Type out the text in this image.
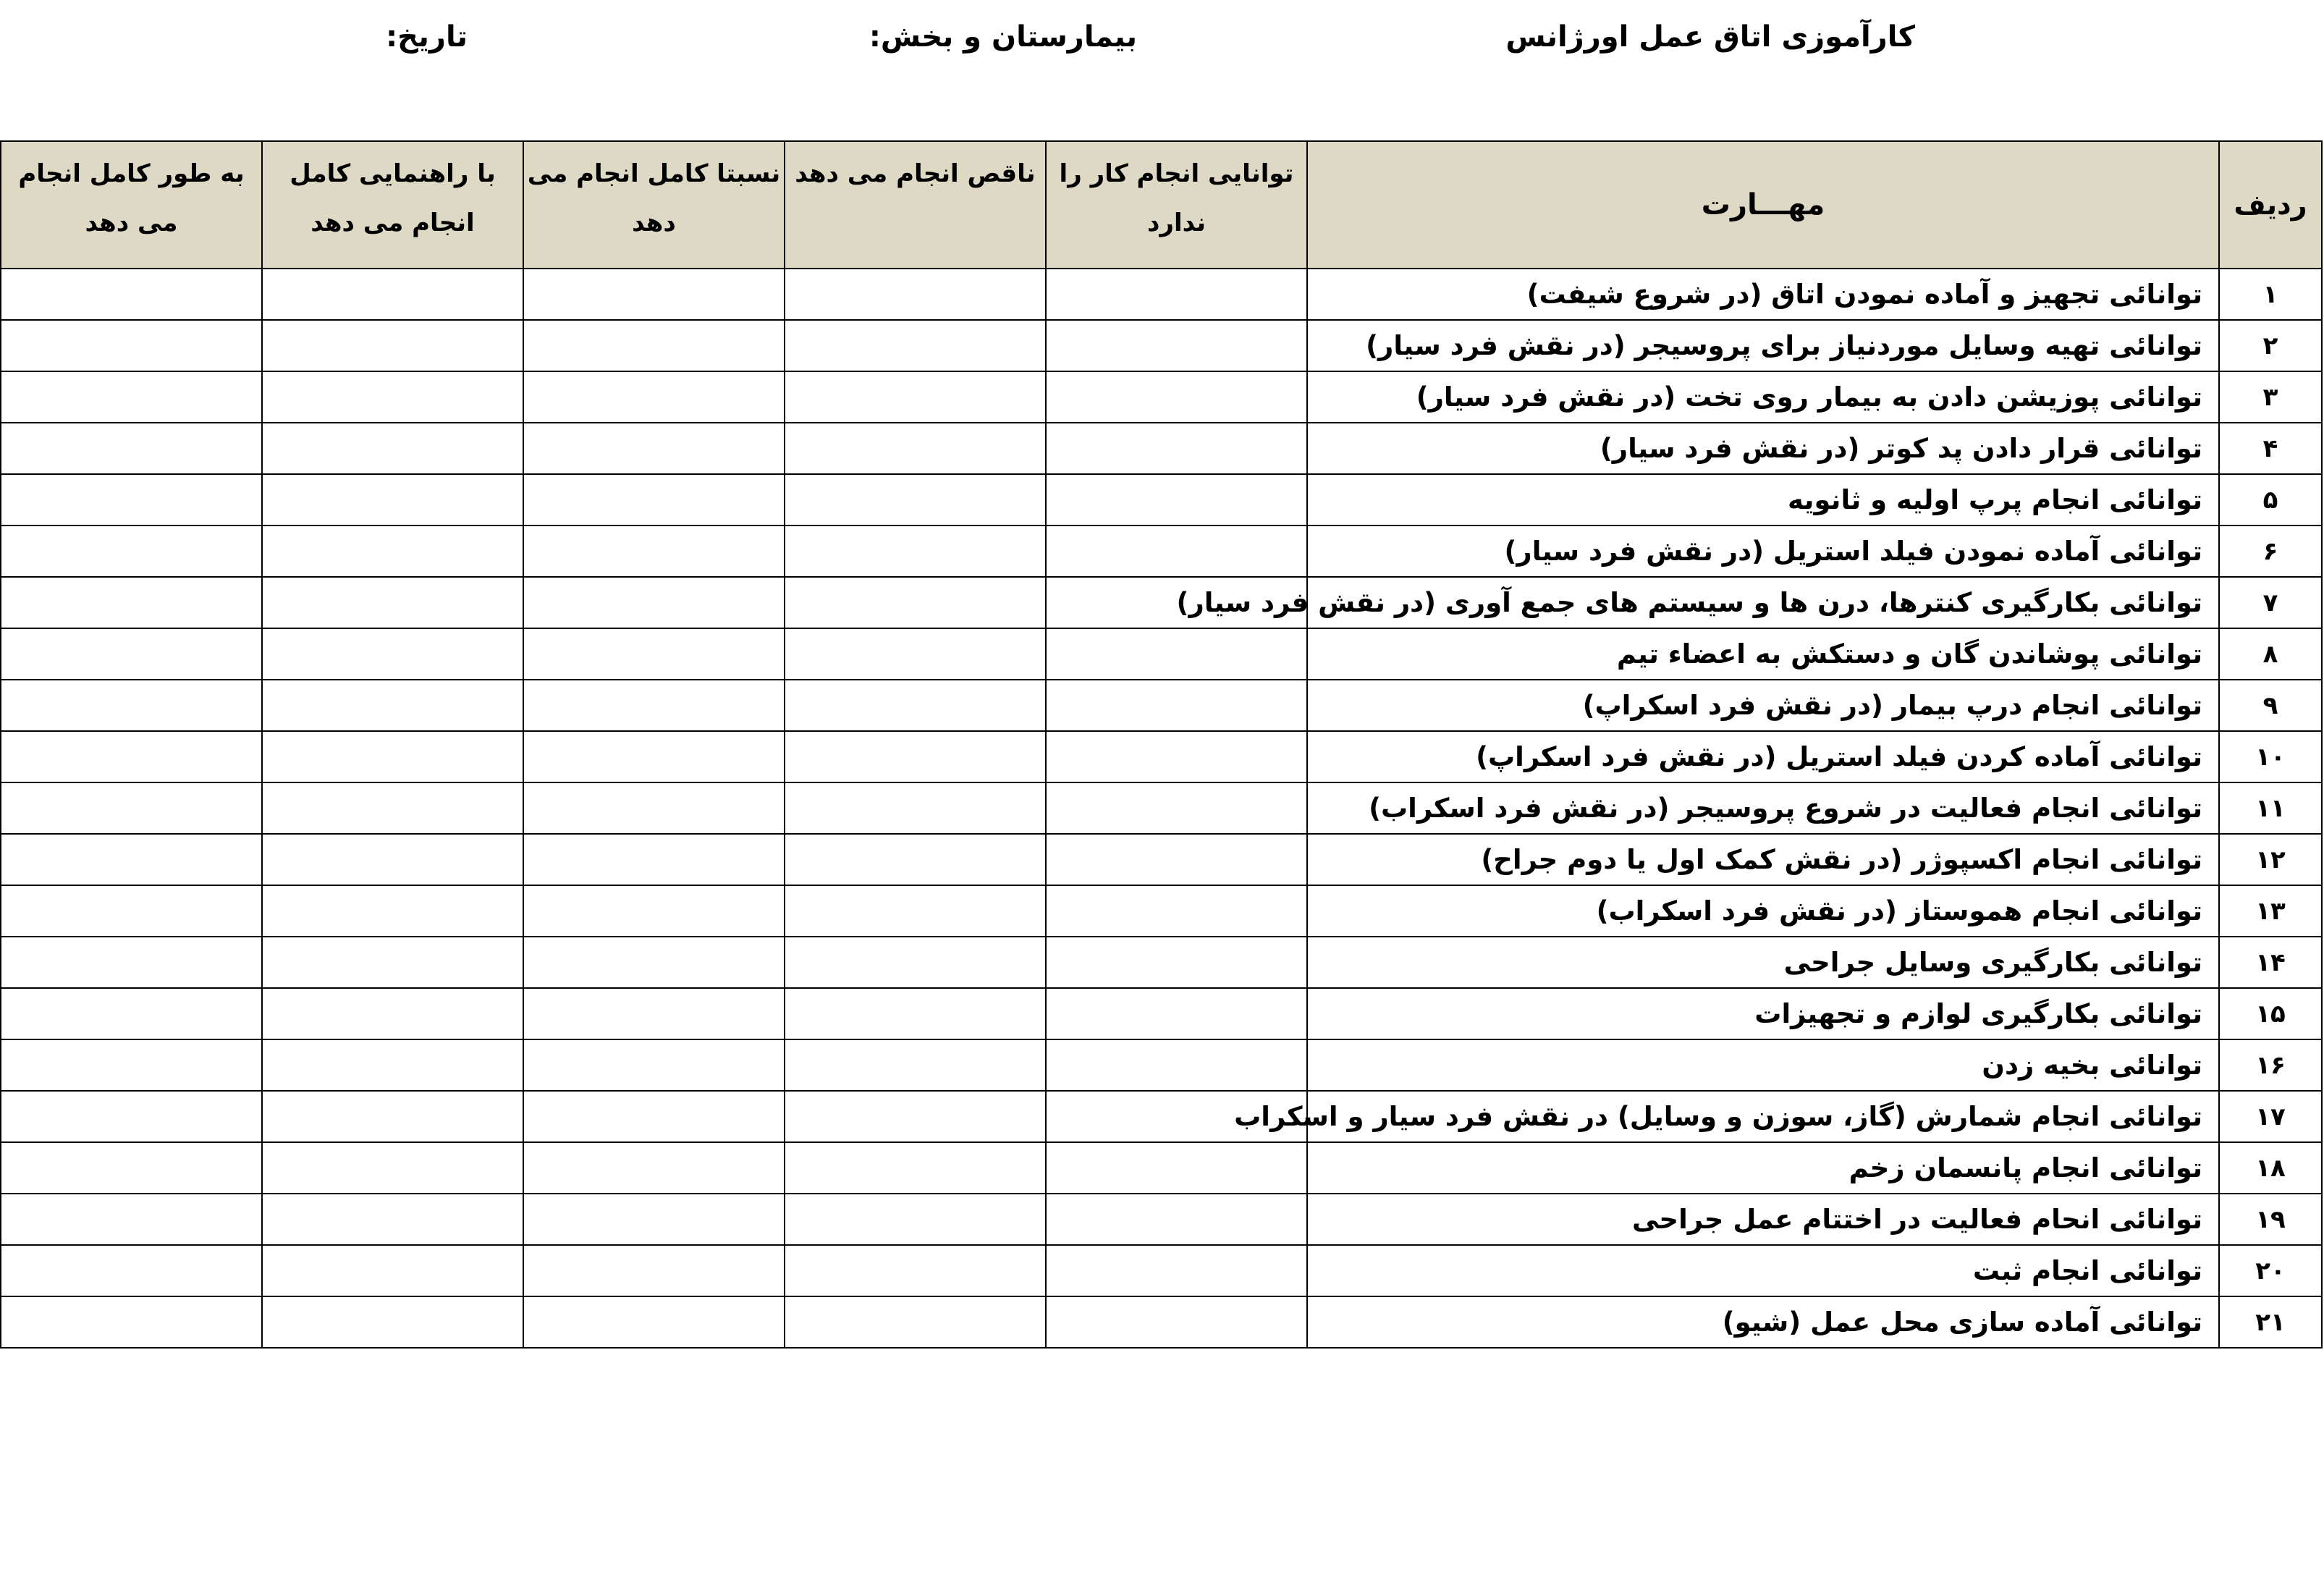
کارآموزی اتاق عمل اورژانس
بیمارستان و بخش:
تاریخ:
ردیف	مهـــارت	توانایی انجام کار را ندارد	ناقص انجام می دهد	نسبتا کامل انجام می دهد	با راهنمایی کامل انجام می دهد	به طور کامل انجام می دهد
۱	توانائی تجهیز و آماده نمودن اتاق (در شروع شیفت)					
۲	توانائی تهیه وسایل موردنیاز برای پروسیجر (در نقش فرد سیار)					
۳	توانائی پوزیشن دادن به بیمار روی تخت (در نقش فرد سیار)					
۴	توانائی قرار دادن پد کوتر (در نقش فرد سیار)					
۵	توانائی انجام پرپ اولیه و ثانویه					
۶	توانائی آماده نمودن فیلد استریل (در نقش فرد سیار)					
۷	توانائی بکارگیری کنترها، درن ها و سیستم های جمع آوری (در نقش فرد سیار)					
۸	توانائی پوشاندن گان و دستکش به اعضاء تیم					
۹	توانائی انجام درپ بیمار (در نقش فرد اسکراپ)					
۱۰	توانائی آماده کردن فیلد استریل (در نقش فرد اسکراپ)					
۱۱	توانائی انجام فعالیت در شروع پروسیجر (در نقش فرد اسکراب)					
۱۲	توانائی انجام اکسپوژر (در نقش کمک اول یا دوم جراح)					
۱۳	توانائی انجام هموستاز (در نقش فرد اسکراب)					
۱۴	توانائی بکارگیری وسایل جراحی					
۱۵	توانائی بکارگیری لوازم و تجهیزات					
۱۶	توانائی بخیه زدن					
۱۷	توانائی انجام شمارش (گاز، سوزن و وسایل) در نقش فرد سیار و اسکراب					
۱۸	توانائی انجام پانسمان زخم					
۱۹	توانائی انحام فعالیت در اختتام عمل جراحی					
۲۰	توانائی انجام ثبت					
۲۱	توانائی آماده سازی محل عمل (شیو)					
